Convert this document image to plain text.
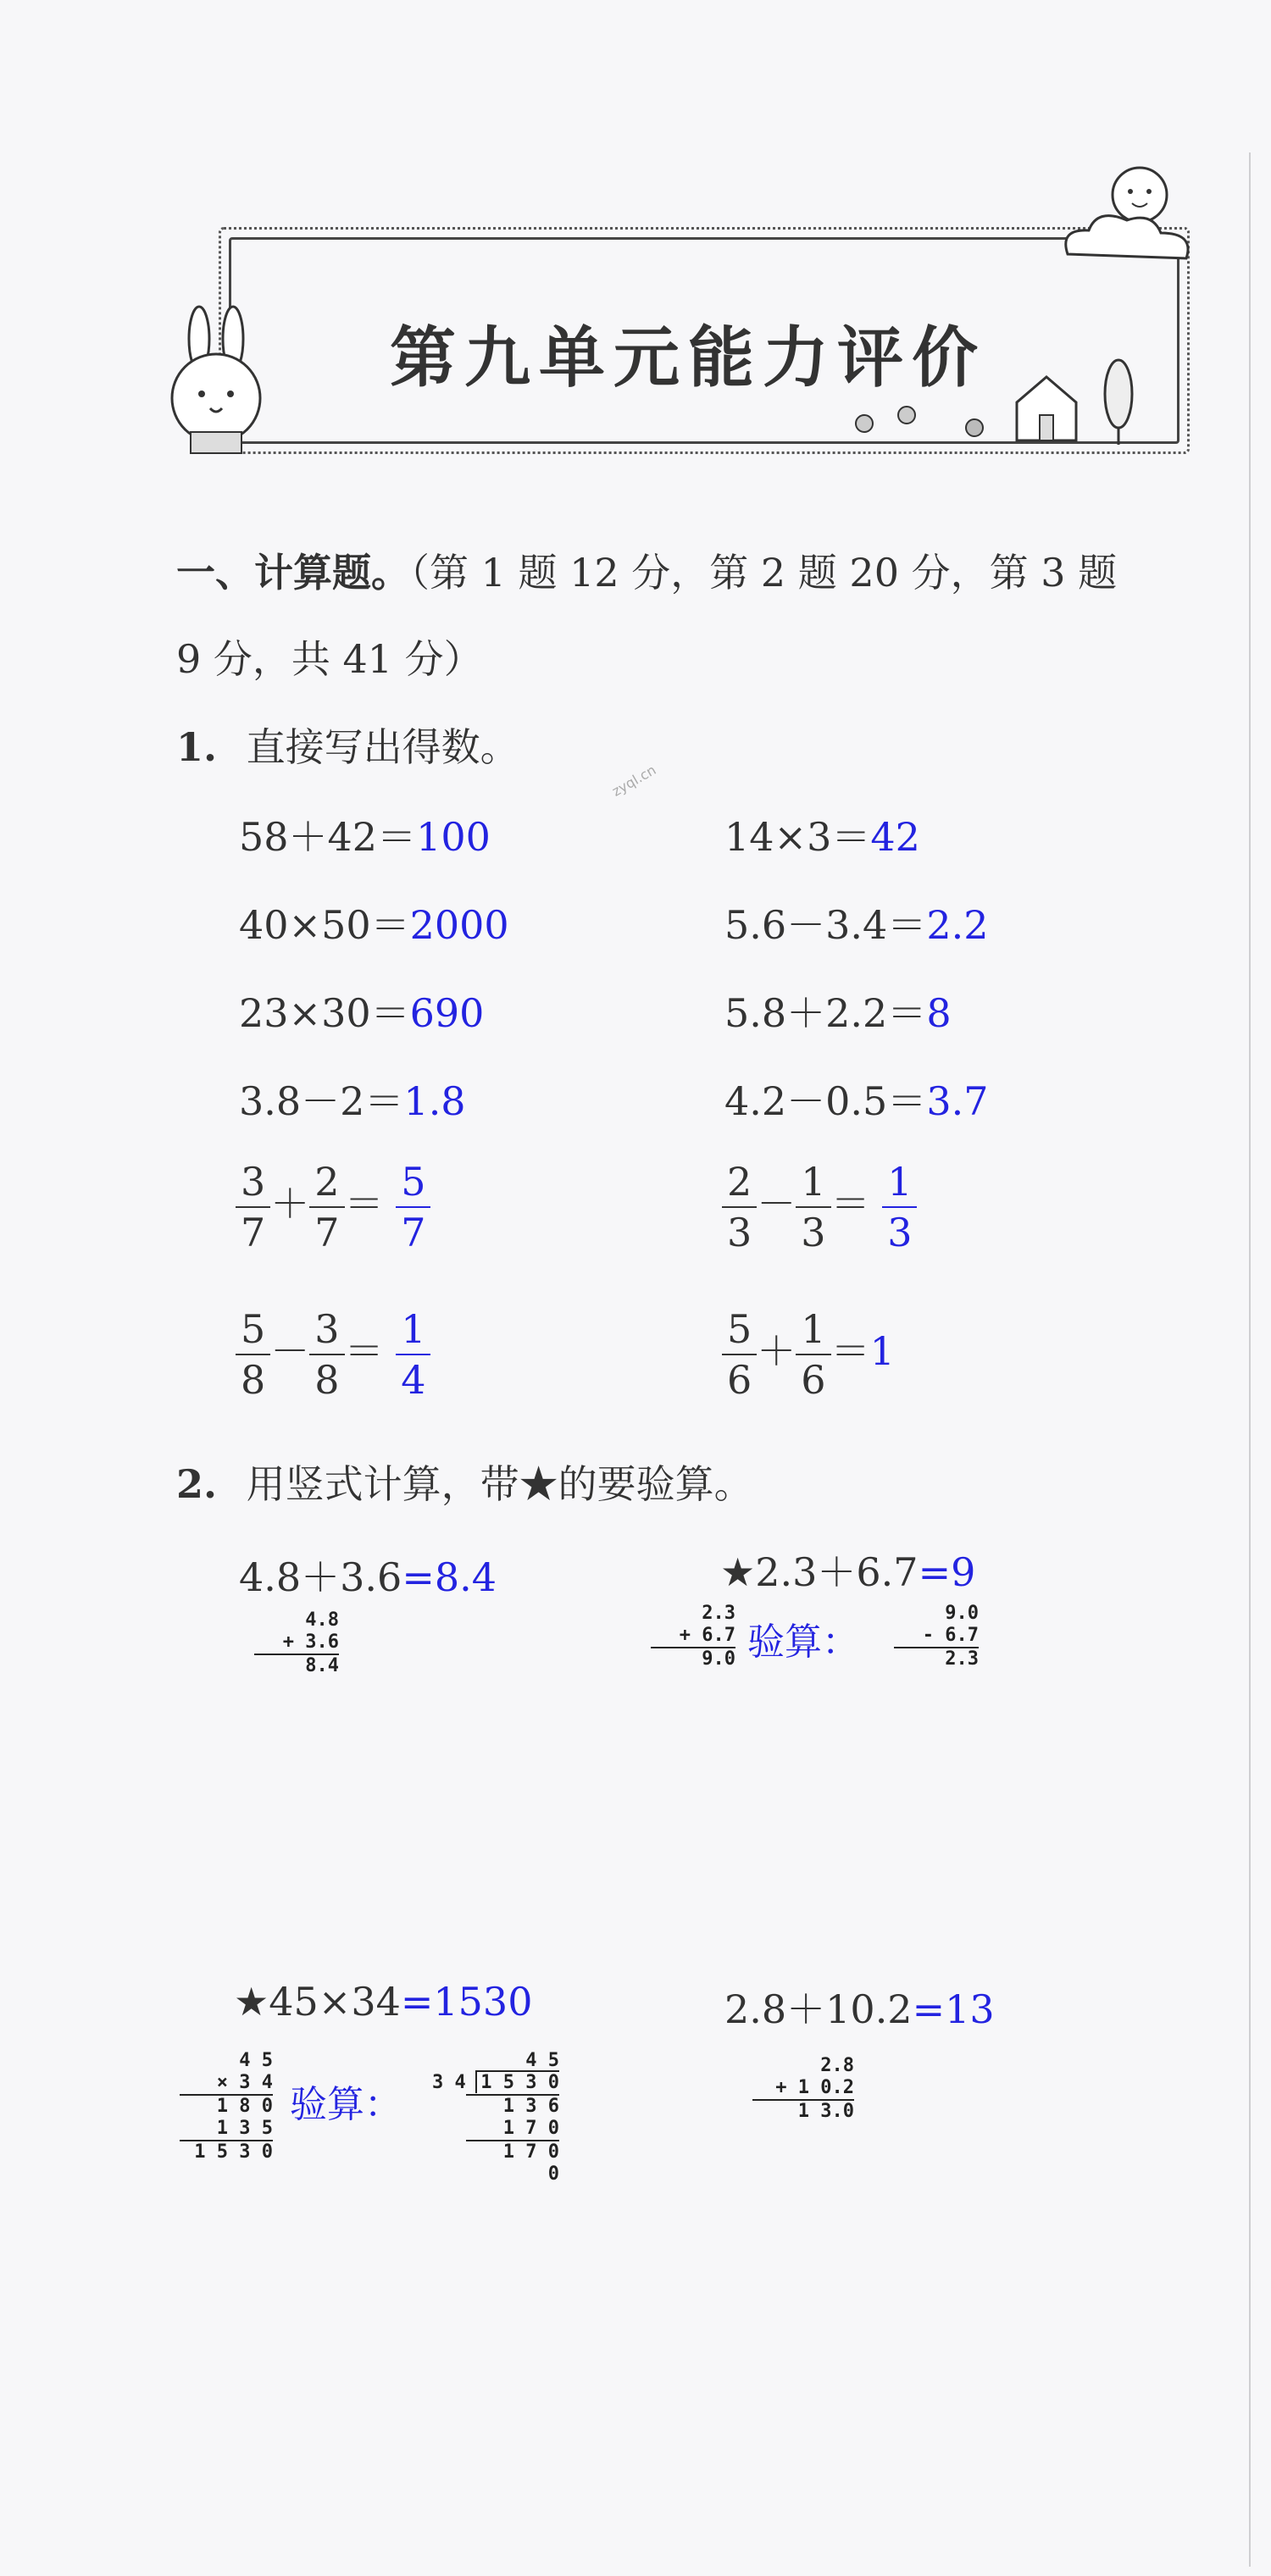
第九单元能力评价
一、计算题。（第 1 题 12 分，第 2 题 20 分，第 3 题
9 分，共 41 分）
1. 直接写出得数。
zyql.cn
58＋42＝100	14×3＝42
40×50＝2000	5.6－3.4＝2.2
23×30＝690	5.8＋2.2＝8
3.8－2＝1.8	4.2－0.5＝3.7
$\frac{3}{7} + \frac{2}{7} = \frac{5}{7}$	$\frac{2}{3} - \frac{1}{3} = \frac{1}{3}$
$\frac{5}{8} - \frac{3}{8} = \frac{1}{4}$	$\frac{5}{6} + \frac{1}{6} =1$
2. 用竖式计算，带★的要验算。
4.8＋3.6=8.4	★2.3＋6.7=9
4.8
+ 3.6
8.4
2.3
+ 6.7
9.0 验算：
9.0
- 6.7
2.3
★45×34=1530	2.8＋10.2=13
4 5
× 3 4
1 8 0
1 3 5
1 5 3 0
验算：
4 5
3 4 1 5 3 0
1 3 6
1 7 0
1 7 0
0
2.8
+ 1 0.2
1 3.0
